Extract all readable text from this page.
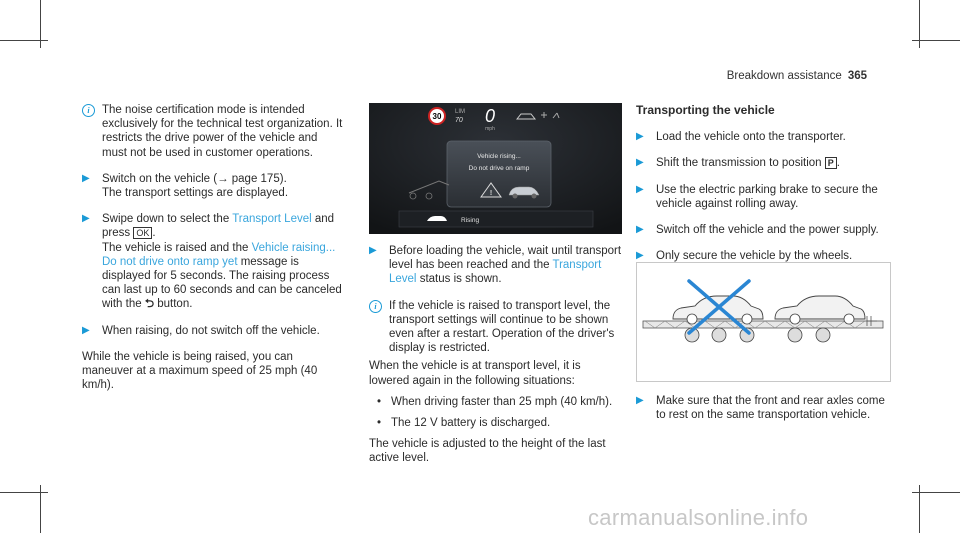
Breakdown assistance 365
i	The noise certification mode is intended exclusively for the technical test organization. It restricts the drive power of the vehicle and must not be used in customer operations.
▶	Switch on the vehicle (→ page 175).
The transport settings are displayed.
▶	Swipe down to select the Transport Level and press OK .
The vehicle is raised and the Vehicle raising... Do not drive onto ramp yet message is displayed for 5 seconds. The raising process can last up to 60 seconds and can be canceled with the ⮌ button.
▶	When raising, do not switch off the vehicle.

While the vehicle is being raised, you can maneuver at a maximum speed of 25 mph (40 km/h).

30 LIM
70 0
mph
Vehicle rising...
Do not drive on ramp
!
Rising
▶	Before loading the vehicle, wait until transport level has been reached and the Transport Level status is shown.
i	If the vehicle is raised to transport level, the transport settings will continue to be shown even after a restart. Operation of the driver's display is restricted.

When the vehicle is at transport level, it is lowered again in the following situations:

• When driving faster than 25 mph (40 km/h).
• The 12 V battery is discharged.

The vehicle is adjusted to the height of the last active level.

Transporting the vehicle
▶	Load the vehicle onto the transporter.
▶	Shift the transmission to position P .
▶	Use the electric parking brake to secure the vehicle against rolling away.
▶	Switch off the vehicle and the power supply.
▶	Only secure the vehicle by the wheels.
▶	Make sure that the front and rear axles come to rest on the same transportation vehicle.
carmanualsonline.info
